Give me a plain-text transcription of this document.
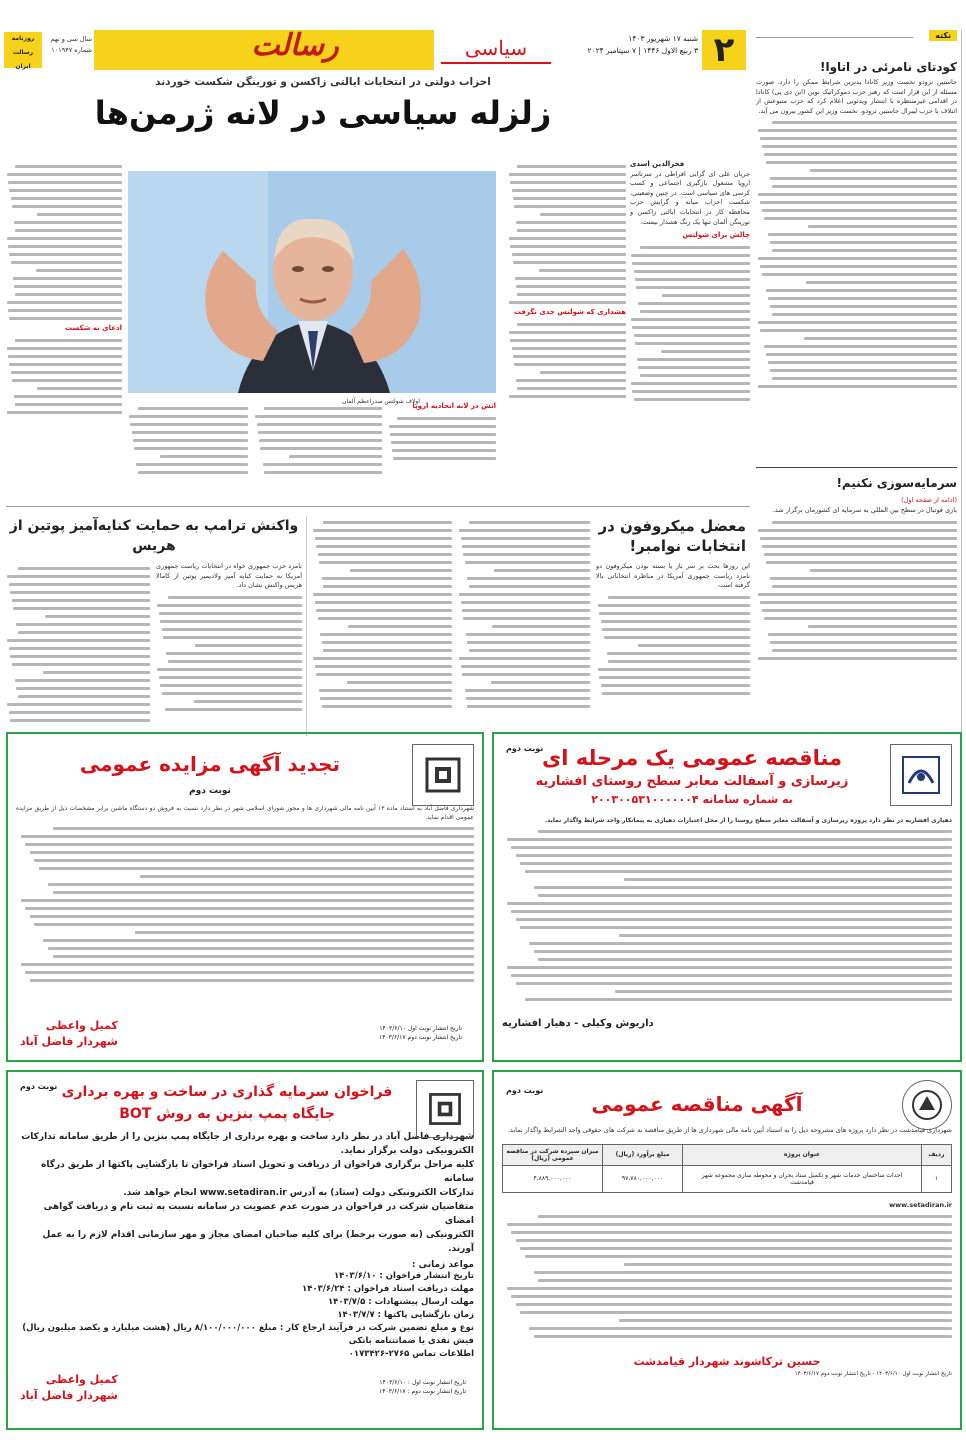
۲
شنبه ۱۷ شهریور ۱۴۰۳
۳ ربیع الاول ۱۴۴۶ | ۷ سپتامبر ۲۰۲۴
سیاسی
رسالت
سال سی و نهم
شماره ۱۰۱۹۴۷
روزنامه رسالت
ایران
نکته
کودتای نامرئی در اتاوا!

جاستین ترودو نخست وزیر کانادا بدترین شرایط ممکن را دارد. صورت مسئله از این قرار است که رهبر حزب دموکراتیک نوین (این دی پی) کانادا در اقدامی غیرمنتظره با انتشار ویدئویی اعلام کرد که حزب متبوعش از ائتلاف با حزب لیبرال جاستین ترودو، نخست وزیر این کشور بیرون می آید.

سرمایه‌سوزی نکنیم!
(ادامه از صفحه اول)

بازی فوتبال در سطح بین المللی به سرمایه ای کشورمان برگزار شد.

احزاب دولتی در انتخابات ایالتی زاکسن و تورینگن شکست خوردند
زلزله سیاسی در لانه ژرمن‌ها
اولاف شولتس صدراعظم آلمان
فخرالدین اسدی

جریان علی ای گرایی افراطی در سرتاسر اروپا مشغول بازگیری اجتماعی و کسب کرسی های سیاسی است. در چنین وضعیتی، شکست احزاب میانه و گرایش حزب محافظه کار در انتخابات ایالتی زاکسن و تورینگن آلمان تنها یک زنگ هشدار نیست.

چالش برای شولتس
هشداری که شولتس جدی نگرفت
آتش در لانه اتحادیه اروپا
ادعای نه شکست
معضل میکروفون در انتخابات نوامبر!

این روزها بحث بر سر باز یا بسته بودن میکروفون دو نامزد ریاست جمهوری آمریکا در مناظره انتخاباتی بالا گرفته است.

واکنش ترامپ به حمایت کنایه‌آمیز پوتین از هریس

نامزد حزب جمهوری خواه در انتخابات ریاست جمهوری آمریکا به حمایت کنایه آمیز ولادیمیر پوتین از کامالا هریس واکنش نشان داد.

نوبت دوم
مناقصه عمومی یک مرحله ای
زیرسازی و آسفالت معابر سطح روستای افشاریه
به شماره سامانه ۲۰۰۳۰۰۵۳۱۰۰۰۰۰۰۴

دهیاری افشاریه در نظر دارد پروژه زیرسازی و آسفالت معابر سطح روستا را از محل اعتبارات دهیاری به پیمانکار واجد شرایط واگذار نماید.

داریوش وکیلی - دهیار افشاریه
تجدید آگهی مزایده عمومی
نوبت دوم

شهرداری فاضل آباد به استناد ماده ۱۳ آیین نامه مالی شهرداری ها و مجوز شورای اسلامی شهر در نظر دارد نسبت به فروش دو دستگاه ماشین برابر مشخصات ذیل از طریق مزایده عمومی اقدام نماید.

کمیل واعظی
شهردار فاضل آباد
تاریخ انتشار نوبت اول ۱۴۰۳/۶/۱۰
تاریخ انتشار نوبت دوم ۱۴۰۳/۶/۱۷
نوبت دوم
آگهی مناقصه عمومی
شهرداری قیامدشت در نظر دارد پروژه های مشروحه ذیل را به استناد آیین نامه مالی شهرداری ها از طریق مناقصه به شرکت های حقوقی واجد الشرایط واگذار نماید.
ردیف	عنوان پروژه	مبلغ برآورد (ریال)	میزان سپرده شرکت در مناقصه عمومی (ریال)
۱	احداث ساختمان خدمات شهر و تکمیل ستاد بحران و محوطه سازی مجموعه شهر قیامدشت	۹۷,۷۸۰,۰۰۰,۰۰۰	۴,۸۸۹,۰۰۰,۰۰۰
www.setadiran.ir
حسین ترکاشوند شهردار قیامدشت
تاریخ انتشار نوبت اول ۱۴۰۳/۶/۱۰ - تاریخ انتشار نوبت دوم ۱۴۰۳/۶/۱۷
نوبت دوم فراخوان سرمایه گذاری در ساخت و بهره برداری
جایگاه پمپ بنزین به روش BOT
شهرداری فاضل آباد در نظر دارد ساخت و بهره برداری از جایگاه پمپ بنزین را از طریق سامانه تدارکات
الکترونیکی دولت برگزار نماید.
کلیه مراحل برگزاری فراخوان از دریافت و تحویل اسناد فراخوان تا بازگشایی پاکتها از طریق درگاه سامانه
تدارکات الکترونیکی دولت (ستاد) به آدرس www.setadiran.ir انجام خواهد شد.
متقاضیان شرکت در فراخوان در صورت عدم عضویت در سامانه نسبت به ثبت نام و دریافت گواهی امضای
الکترونیکی (به صورت برخط) برای کلیه صاحبان امضای مجاز و مهر سازمانی اقدام لازم را به عمل آورند.
مواعد زمانی :
تاریخ انتشار فراخوان : ۱۴۰۳/۶/۱۰
مهلت دریافت اسناد فراخوان : ۱۴۰۳/۶/۲۴
مهلت ارسال پیشنهادات : ۱۴۰۳/۷/۵
زمان بازگشایی پاکتها : ۱۴۰۳/۷/۷
نوع و مبلغ تضمین شرکت در فرآیند ارجاع کار : مبلغ ۸/۱۰۰/۰۰۰/۰۰۰ ریال (هشت میلیارد و یکصد میلیون ریال)
فیش نقدی یا ضمانتنامه بانکی
اطلاعات تماس ۲۷۶۵-۰۱۷۳۴۲۶
کمیل واعظی
شهردار فاضل آباد
تاریخ انتشار نوبت اول : ۱۴۰۳/۶/۱۰
تاریخ انتشار نوبت دوم : ۱۴۰۳/۶/۱۷
